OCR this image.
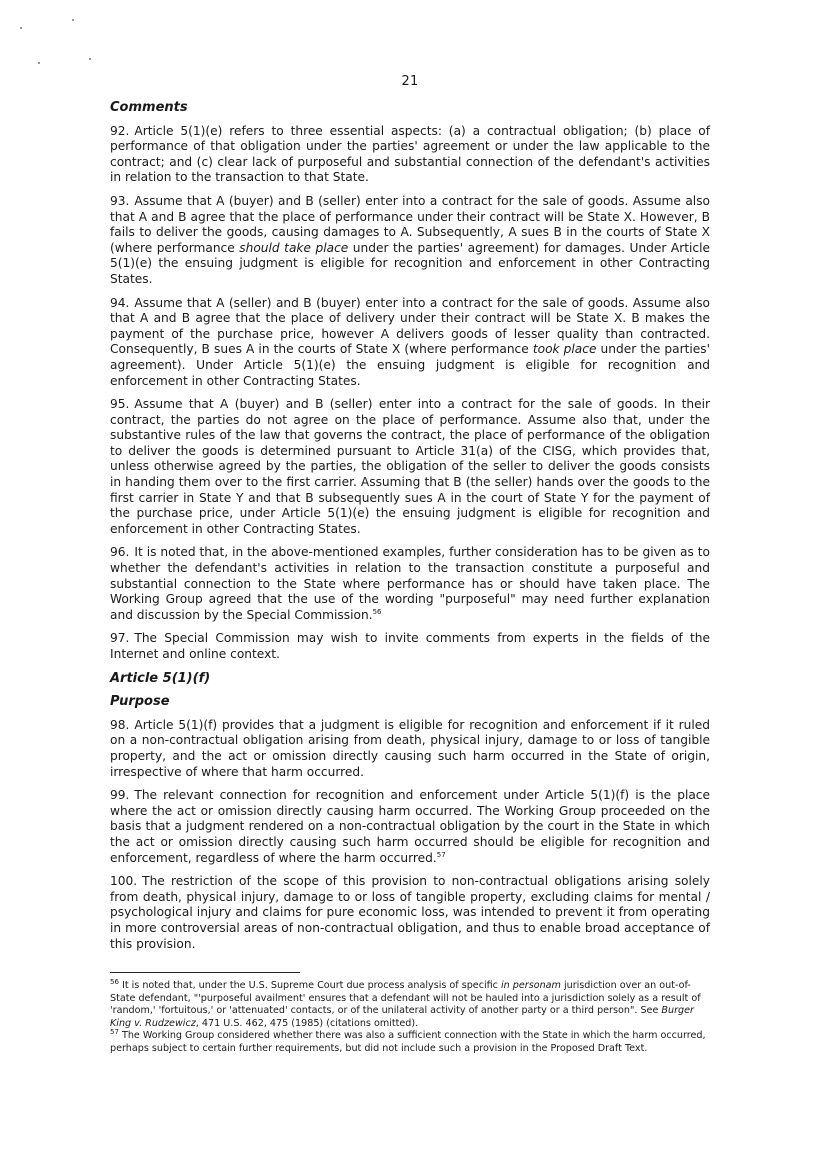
21
Comments

92. Article 5(1)(e) refers to three essential aspects: (a) a contractual obligation; (b) place of performance of that obligation under the parties' agreement or under the law applicable to the contract; and (c) clear lack of purposeful and substantial connection of the defendant's activities in relation to the transaction to that State.

93. Assume that A (buyer) and B (seller) enter into a contract for the sale of goods. Assume also that A and B agree that the place of performance under their contract will be State X. However, B fails to deliver the goods, causing damages to A. Subsequently, A sues B in the courts of State X (where performance should take place under the parties' agreement) for damages. Under Article 5(1)(e) the ensuing judgment is eligible for recognition and enforcement in other Contracting States.

94. Assume that A (seller) and B (buyer) enter into a contract for the sale of goods. Assume also that A and B agree that the place of delivery under their contract will be State X. B makes the payment of the purchase price, however A delivers goods of lesser quality than contracted. Consequently, B sues A in the courts of State X (where performance took place under the parties' agreement). Under Article 5(1)(e) the ensuing judgment is eligible for recognition and enforcement in other Contracting States.

95. Assume that A (buyer) and B (seller) enter into a contract for the sale of goods. In their contract, the parties do not agree on the place of performance. Assume also that, under the substantive rules of the law that governs the contract, the place of performance of the obligation to deliver the goods is determined pursuant to Article 31(a) of the CISG, which provides that, unless otherwise agreed by the parties, the obligation of the seller to deliver the goods consists in handing them over to the first carrier. Assuming that B (the seller) hands over the goods to the first carrier in State Y and that B subsequently sues A in the court of State Y for the payment of the purchase price, under Article 5(1)(e) the ensuing judgment is eligible for recognition and enforcement in other Contracting States.

96. It is noted that, in the above-mentioned examples, further consideration has to be given as to whether the defendant's activities in relation to the transaction constitute a purposeful and substantial connection to the State where performance has or should have taken place. The Working Group agreed that the use of the wording "purposeful" may need further explanation and discussion by the Special Commission.$^{56}$

97. The Special Commission may wish to invite comments from experts in the fields of the Internet and online context.

Article 5(1)(f)
Purpose

98. Article 5(1)(f) provides that a judgment is eligible for recognition and enforcement if it ruled on a non-contractual obligation arising from death, physical injury, damage to or loss of tangible property, and the act or omission directly causing such harm occurred in the State of origin, irrespective of where that harm occurred.

99. The relevant connection for recognition and enforcement under Article 5(1)(f) is the place where the act or omission directly causing harm occurred. The Working Group proceeded on the basis that a judgment rendered on a non-contractual obligation by the court in the State in which the act or omission directly causing such harm occurred should be eligible for recognition and enforcement, regardless of where the harm occurred.$^{57}$

100. The restriction of the scope of this provision to non-contractual obligations arising solely from death, physical injury, damage to or loss of tangible property, excluding claims for mental / psychological injury and claims for pure economic loss, was intended to prevent it from operating in more controversial areas of non-contractual obligation, and thus to enable broad acceptance of this provision.

$^{56}$ It is noted that, under the U.S. Supreme Court due process analysis of specific in personam jurisdiction over an out-of-State defendant, "'purposeful availment' ensures that a defendant will not be hauled into a jurisdiction solely as a result of 'random,' 'fortuitous,' or 'attenuated' contacts, or of the unilateral activity of another party or a third person". See Burger King v. Rudzewicz, 471 U.S. 462, 475 (1985) (citations omitted).

$^{57}$ The Working Group considered whether there was also a sufficient connection with the State in which the harm occurred, perhaps subject to certain further requirements, but did not include such a provision in the Proposed Draft Text.
